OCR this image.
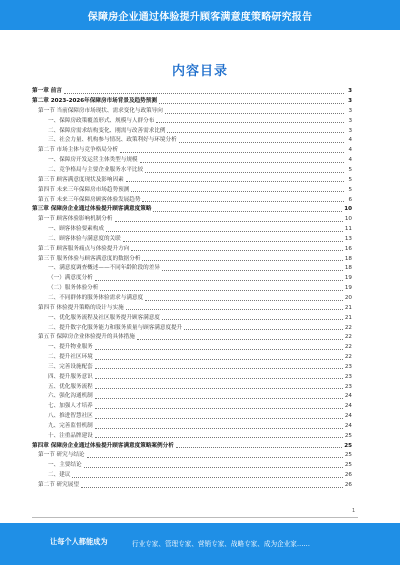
保障房企业通过体验提升顾客满意度策略研究报告
内容目录
第一章 前言	3
第二章 2023-2026年保障房市场背景及趋势预测	3
第一节 当前保障房市场现状、需求变化与政策导向	3
一、保障房政策覆盖形式、规模与人群分布	3
二、保障房需求结构变化、刚需与改善需求比例	3
三、社会力量、机构参与情况、政策利好与环境分析	4
第二节 市场主体与竞争格局分析	4
一、保障房开发运营主体类型与规模	4
二、竞争格局与主要企业服务水平比较	5
第三节 顾客满意度现状及影响因素	5
第四节 未来三年保障房市场趋势预测	5
第五节 未来三年保障房顾客体验发展趋势	6
第三章 保障房企业通过体验提升顾客满意度策略	10
第一节 顾客体验影响机制分析	10
一、顾客体验要素构成	11
二、顾客体验与满意度的关联	13
第二节 顾客服务痛点与体验提升方向	16
第三节 服务体验与顾客满意度的数据分析	18
一、满意度调查概述——不同年龄阶段的差异	18
（一）满意度分析	19
（二）服务体验分析	19
二、不同群体的服务体验需求与满意度	20
第四节 体验提升策略的设计与实施	21
一、优化服务流程及社区服务提升顾客满意度	21
二、提升数字化服务能力和服务质量与顾客满意度提升	22
第五节 保障房企业体验提升的具体措施	22
一、提升物业服务	22
二、提升社区环境	22
三、完善设施配套	23
四、提升服务意识	23
五、优化服务流程	23
六、强化沟通机制	24
七、加强人才培养	24
八、推进智慧社区	24
九、完善监督机制	24
十、注重品牌建设	25
第四章 保障房企业通过体验提升顾客满意度策略案例分析	25
第一节 研究与结论	25
一、主要结论	25
二、建议	26
第二节 研究展望	26
1
让每个人都能成为	行业专家、管理专家、营销专家、战略专家、成为企业家……
